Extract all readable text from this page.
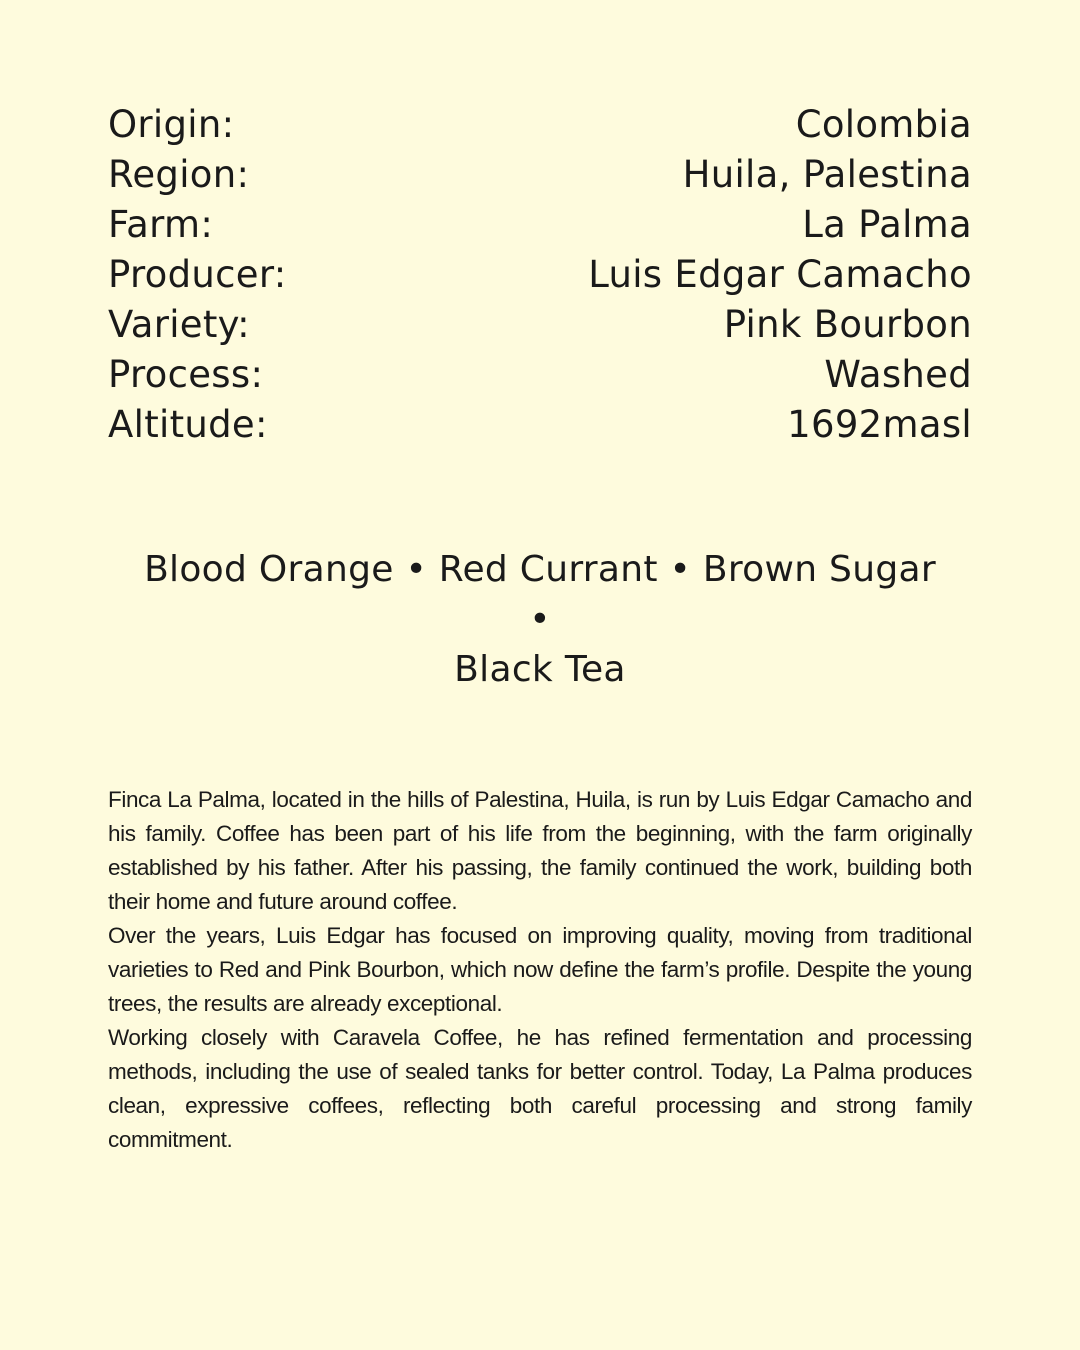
Origin:	Colombia
Region:	Huila, Palestina
Farm:	La Palma
Producer:	Luis Edgar Camacho
Variety:	Pink Bourbon
Process:	Washed
Altitude:	1692masl
Blood Orange • Red Currant • Brown Sugar •
Black Tea

Finca La Palma, located in the hills of Palestina, Huila, is run by Luis Edgar Camacho and his family. Coffee has been part of his life from the beginning, with the farm originally established by his father. After his passing, the family continued the work, building both their home and future around coffee.

Over the years, Luis Edgar has focused on improving quality, moving from traditional varieties to Red and Pink Bourbon, which now define the farm’s profile. Despite the young trees, the results are already exceptional.

Working closely with Caravela Coffee, he has refined fermentation and processing methods, including the use of sealed tanks for better control. Today, La Palma produces clean, expressive coffees, reflecting both careful processing and strong family commitment.
